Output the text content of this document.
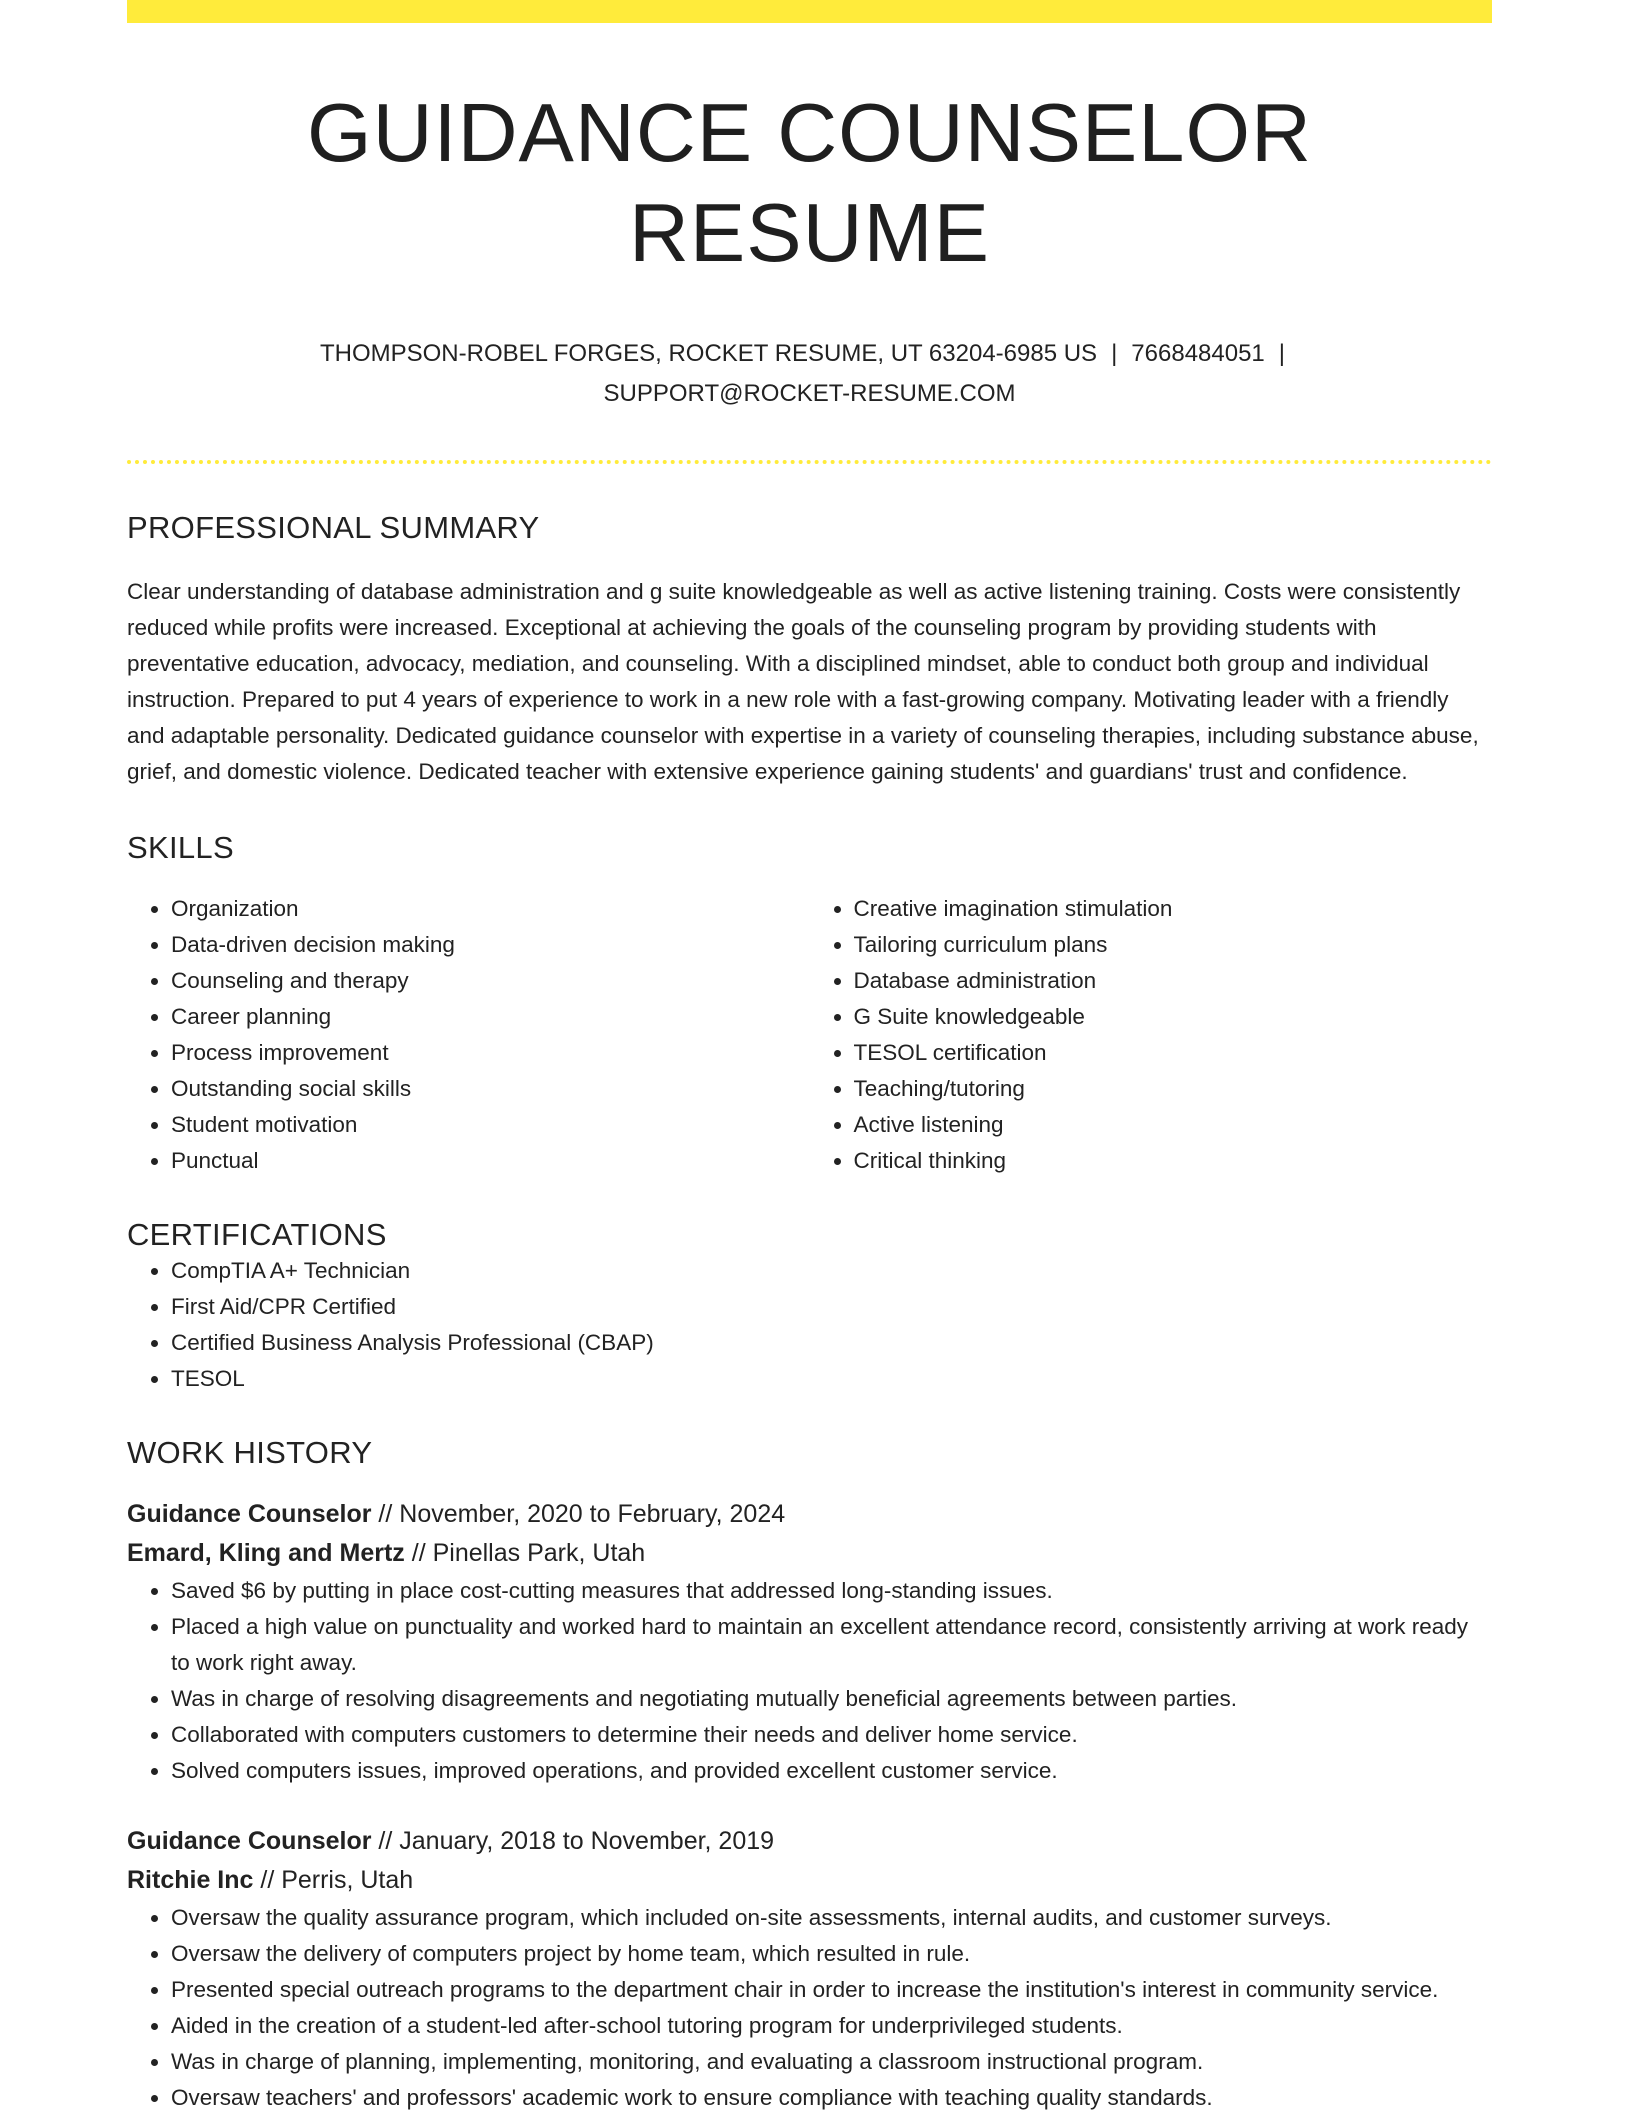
GUIDANCE COUNSELOR RESUME
THOMPSON-ROBEL FORGES, ROCKET RESUME, UT 63204-6985 US | 7668484051 |
SUPPORT@ROCKET-RESUME.COM
PROFESSIONAL SUMMARY

Clear understanding of database administration and g suite knowledgeable as well as active listening training. Costs were consistently reduced while profits were increased. Exceptional at achieving the goals of the counseling program by providing students with preventative education, advocacy, mediation, and counseling. With a disciplined mindset, able to conduct both group and individual instruction. Prepared to put 4 years of experience to work in a new role with a fast-growing company. Motivating leader with a friendly and adaptable personality. Dedicated guidance counselor with expertise in a variety of counseling therapies, including substance abuse, grief, and domestic violence. Dedicated teacher with extensive experience gaining students' and guardians' trust and confidence.

SKILLS
• Organization
• Data-driven decision making
• Counseling and therapy
• Career planning
• Process improvement
• Outstanding social skills
• Student motivation
• Punctual
• Creative imagination stimulation
• Tailoring curriculum plans
• Database administration
• G Suite knowledgeable
• TESOL certification
• Teaching/tutoring
• Active listening
• Critical thinking
CERTIFICATIONS
• CompTIA A+ Technician
• First Aid/CPR Certified
• Certified Business Analysis Professional (CBAP)
• TESOL
WORK HISTORY
Guidance Counselor // November, 2020 to February, 2024
Emard, Kling and Mertz // Pinellas Park, Utah
• Saved $6 by putting in place cost-cutting measures that addressed long-standing issues.
• Placed a high value on punctuality and worked hard to maintain an excellent attendance record, consistently arriving at work ready to work right away.
• Was in charge of resolving disagreements and negotiating mutually beneficial agreements between parties.
• Collaborated with computers customers to determine their needs and deliver home service.
• Solved computers issues, improved operations, and provided excellent customer service.
Guidance Counselor // January, 2018 to November, 2019
Ritchie Inc // Perris, Utah
• Oversaw the quality assurance program, which included on-site assessments, internal audits, and customer surveys.
• Oversaw the delivery of computers project by home team, which resulted in rule.
• Presented special outreach programs to the department chair in order to increase the institution's interest in community service.
• Aided in the creation of a student-led after-school tutoring program for underprivileged students.
• Was in charge of planning, implementing, monitoring, and evaluating a classroom instructional program.
• Oversaw teachers' and professors' academic work to ensure compliance with teaching quality standards.
